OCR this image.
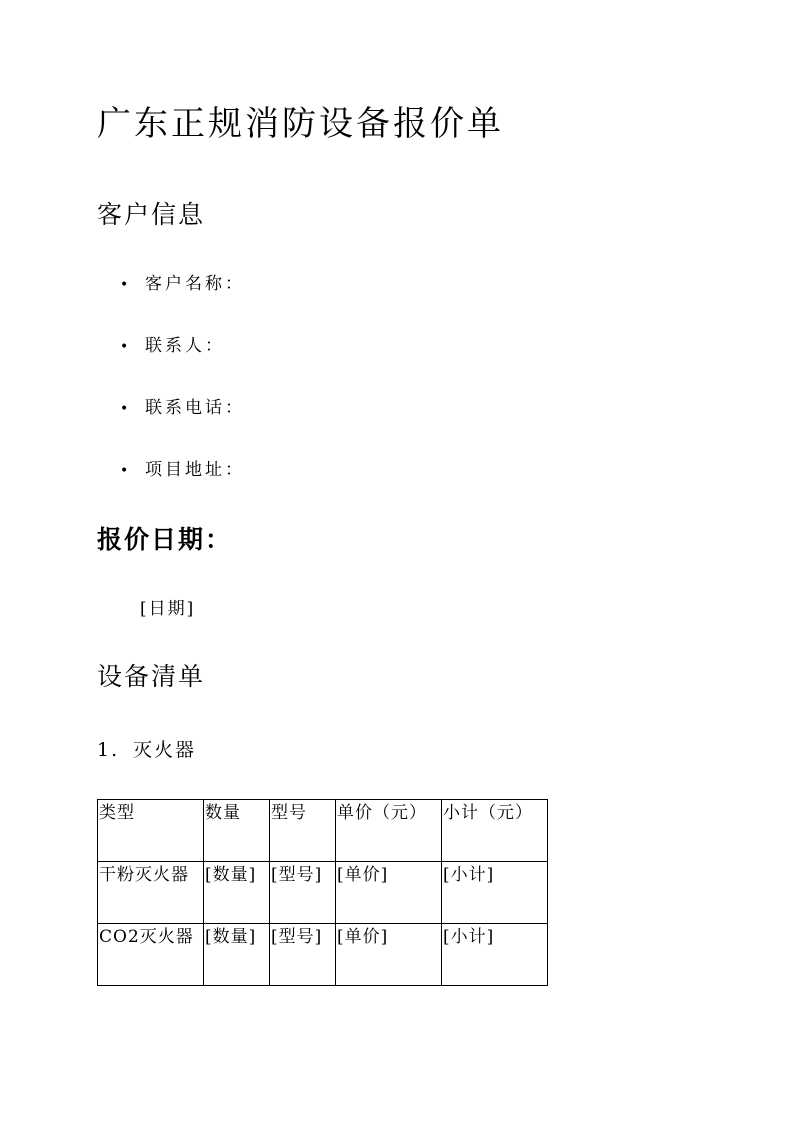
广东正规消防设备报价单
客户信息
• 客户名称：
• 联系人：
• 联系电话：
• 项目地址：
报价日期：
[日期]
设备清单
1. 灭火器
类型	数量	型号	单价（元）	小计（元）
干粉灭火器	[数量]	[型号]	[单价]	[小计]
CO2灭火器	[数量]	[型号]	[单价]	[小计]
